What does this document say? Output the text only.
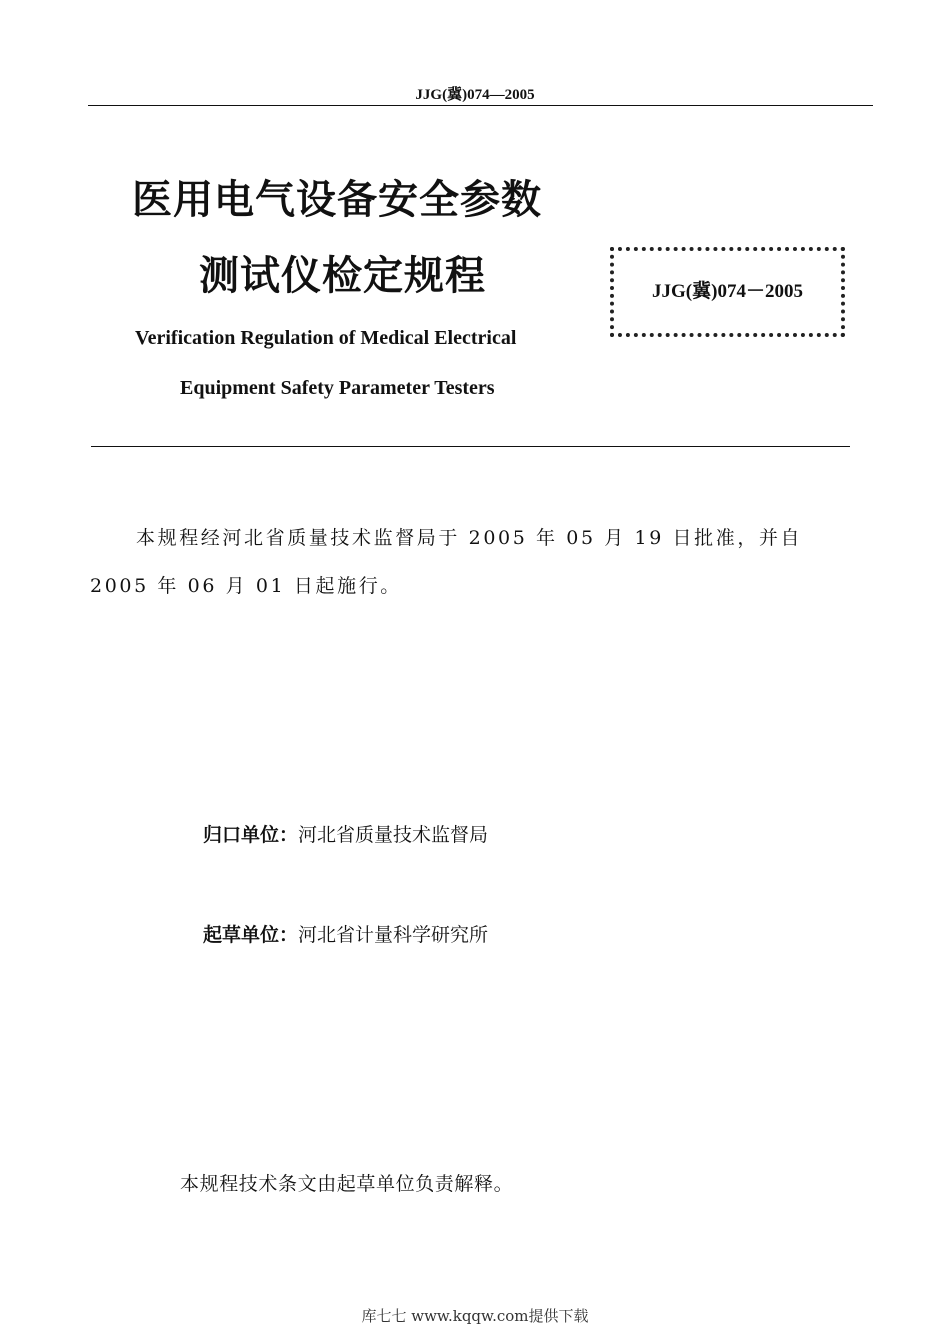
JJG(冀)074—2005
医用电气设备安全参数
测试仪检定规程	JJG(冀)074－2005
Verification Regulation of Medical Electrical
Equipment Safety Parameter Testers
本规程经河北省质量技术监督局于 2005 年 05 月 19 日批准，并自
2005 年 06 月 01 日起施行。
归口单位：河北省质量技术监督局
起草单位：河北省计量科学研究所
本规程技术条文由起草单位负责解释。
库七七 www.kqqw.com提供下载
